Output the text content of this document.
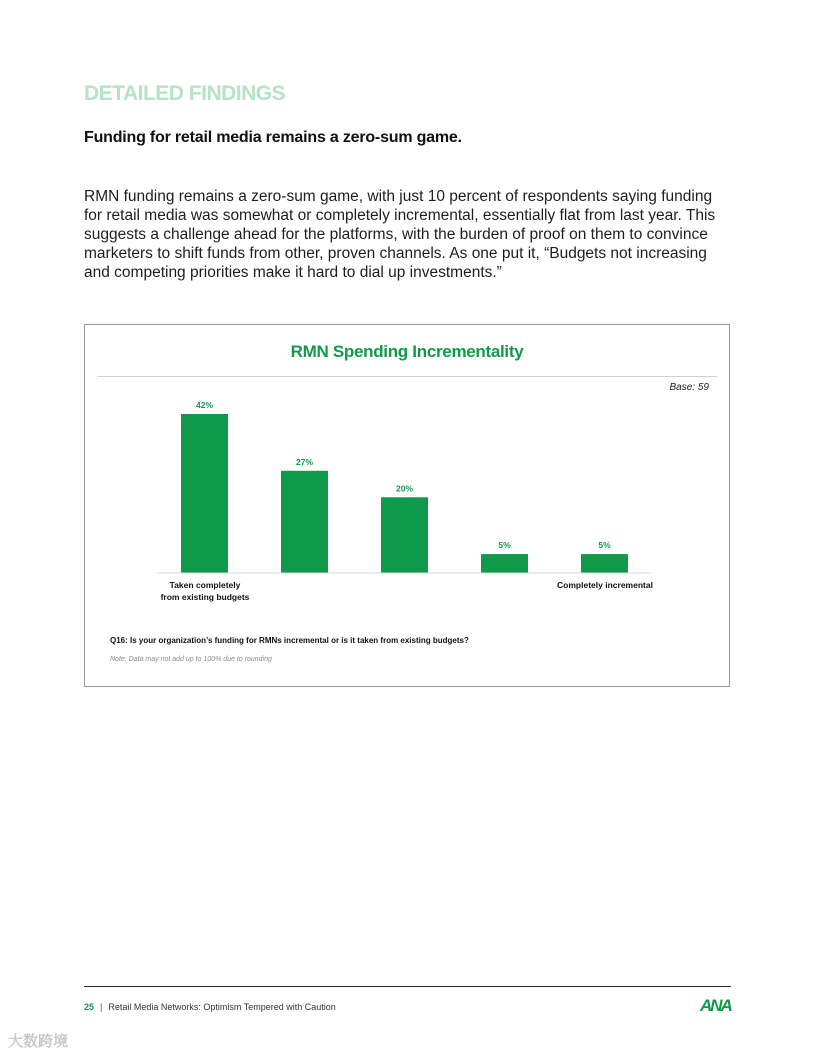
DETAILED FINDINGS
Funding for retail media remains a zero-sum game.

RMN funding remains a zero-sum game, with just 10 percent of respondents saying funding for retail media was somewhat or completely incremental, essentially flat from last year. This suggests a challenge ahead for the platforms, with the burden of proof on them to convince marketers to shift funds from other, proven channels. As one put it, “Budgets not increasing and competing priorities make it hard to dial up investments.”

RMN Spending Incrementality
Base: 59
42%
27%
20%
5%	5%
Taken completely
from existing budgets
Completely incremental
Q16: Is your organization’s funding for RMNs incremental or is it taken from existing budgets?
Note: Data may not add up to 100% due to rounding
25 | Retail Media Networks: Optimism Tempered with Caution	ANA
大数跨境
